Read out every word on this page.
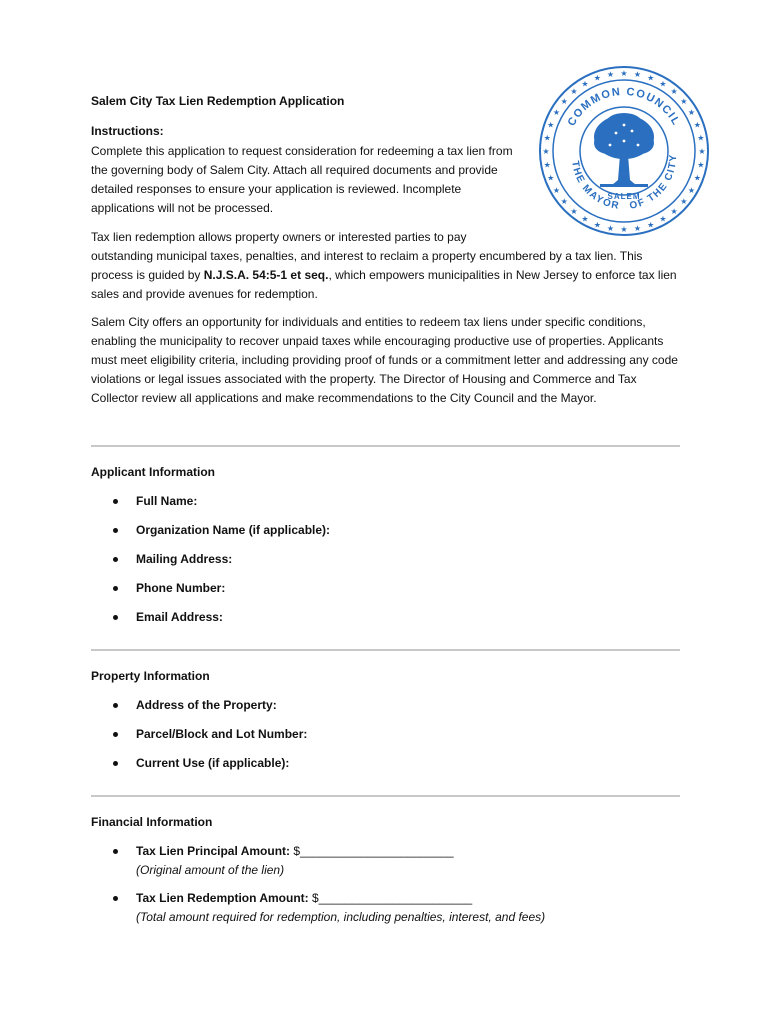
Salem City Tax Lien Redemption Application
Instructions:
Complete this application to request consideration for redeeming a tax lien from the governing body of Salem City. Attach all required documents and provide detailed responses to ensure your application is reviewed. Incomplete applications will not be processed.
Tax lien redemption allows property owners or interested parties to pay
outstanding municipal taxes, penalties, and interest to reclaim a property encumbered by a tax lien. This process is guided by N.J.S.A. 54:5-1 et seq., which empowers municipalities in New Jersey to enforce tax lien sales and provide avenues for redemption.
Salem City offers an opportunity for individuals and entities to redeem tax liens under specific conditions, enabling the municipality to recover unpaid taxes while encouraging productive use of properties. Applicants must meet eligibility criteria, including providing proof of funds or a commitment letter and addressing any code violations or legal issues associated with the property. The Director of Housing and Commerce and Tax Collector review all applications and make recommendations to the City Council and the Mayor.
★
★
★
★
★
★
★
★
★
★
★
★
★
★
★
★
★
★
★
★
★
★
★
★
★
★ ★ ★ ★ ★
★
★
★
★
★
★
COMMON COUNCIL
THE MAYOR OF THE CITY
SALEM
Applicant Information
Full Name:
Organization Name (if applicable):
Mailing Address:
Phone Number:
Email Address:
Property Information
Address of the Property:
Parcel/Block and Lot Number:
Current Use (if applicable):
Financial Information
Tax Lien Principal Amount: $_______________________
(Original amount of the lien)
Tax Lien Redemption Amount: $_______________________
(Total amount required for redemption, including penalties, interest, and fees)
